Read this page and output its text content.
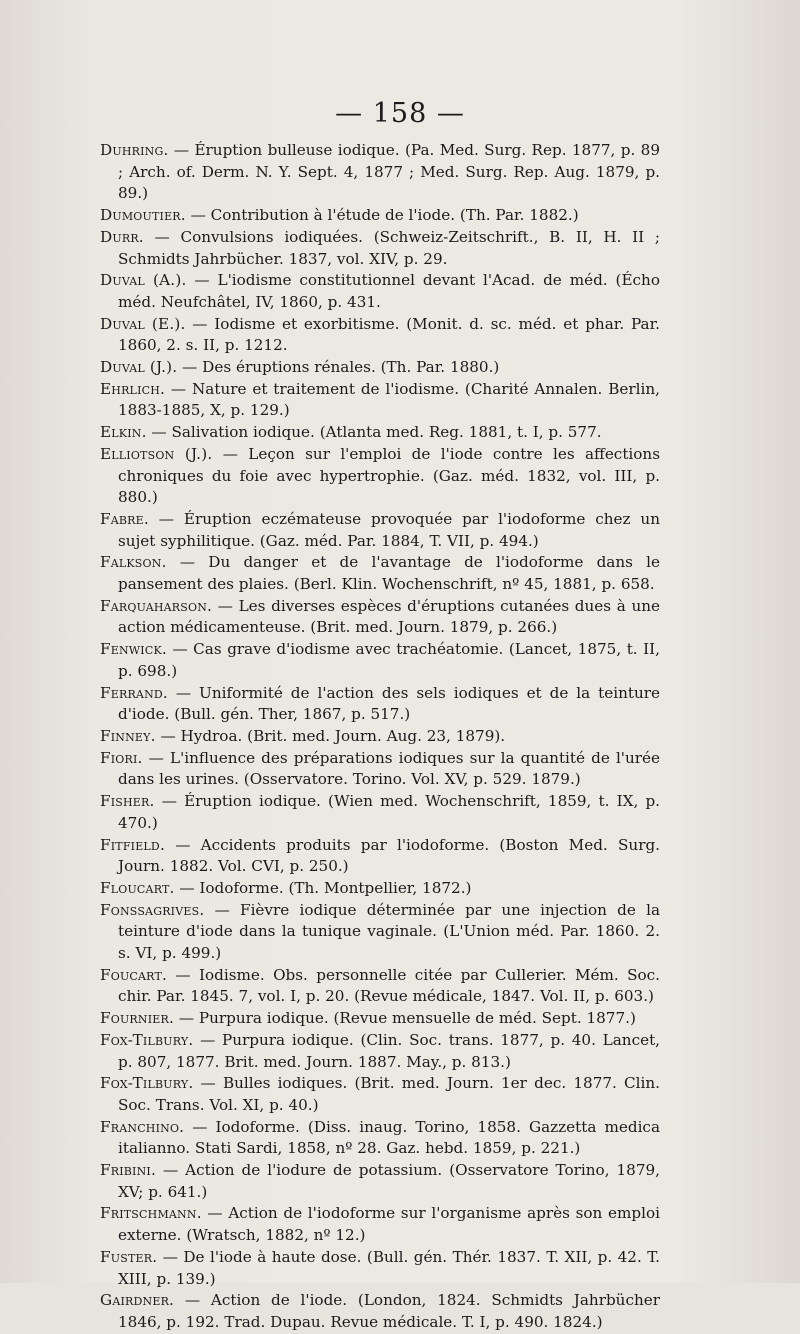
— 158 —
Duhring. — Éruption bulleuse iodique. (Pa. Med. Surg. Rep. 1877, p. 89 ; Arch. of. Derm. N. Y. Sept. 4, 1877 ; Med. Surg. Rep. Aug. 1879, p. 89.)
Dumoutier. — Contribution à l'étude de l'iode. (Th. Par. 1882.)
Durr. — Convulsions iodiquées. (Schweiz-Zeitschrift., B. II, H. II ; Schmidts Jahrbücher. 1837, vol. XIV, p. 29.
Duval (A.). — L'iodisme constitutionnel devant l'Acad. de méd. (Écho méd. Neufchâtel, IV, 1860, p. 431.
Duval (E.). — Iodisme et exorbitisme. (Monit. d. sc. méd. et phar. Par. 1860, 2. s. II, p. 1212.
Duval (J.). — Des éruptions rénales. (Th. Par. 1880.)
Ehrlich. — Nature et traitement de l'iodisme. (Charité Annalen. Berlin, 1883-1885, X, p. 129.)
Elkin. — Salivation iodique. (Atlanta med. Reg. 1881, t. I, p. 577.
Elliotson (J.). — Leçon sur l'emploi de l'iode contre les affections chroniques du foie avec hypertrophie. (Gaz. méd. 1832, vol. III, p. 880.)
Fabre. — Éruption eczémateuse provoquée par l'iodoforme chez un sujet syphilitique. (Gaz. méd. Par. 1884, T. VII, p. 494.)
Falkson. — Du danger et de l'avantage de l'iodoforme dans le pansement des plaies. (Berl. Klin. Wochenschrift, nº 45, 1881, p. 658.
Farquaharson. — Les diverses espèces d'éruptions cutanées dues à une action médicamenteuse. (Brit. med. Journ. 1879, p. 266.)
Fenwick. — Cas grave d'iodisme avec trachéatomie. (Lancet, 1875, t. II, p. 698.)
Ferrand. — Uniformité de l'action des sels iodiques et de la teinture d'iode. (Bull. gén. Ther, 1867, p. 517.)
Finney. — Hydroa. (Brit. med. Journ. Aug. 23, 1879).
Fiori. — L'influence des préparations iodiques sur la quantité de l'urée dans les urines. (Osservatore. Torino. Vol. XV, p. 529. 1879.)
Fisher. — Éruption iodique. (Wien med. Wochenschrift, 1859, t. IX, p. 470.)
Fitfield. — Accidents produits par l'iodoforme. (Boston Med. Surg. Journ. 1882. Vol. CVI, p. 250.)
Floucart. — Iodoforme. (Th. Montpellier, 1872.)
Fonssagrives. — Fièvre iodique déterminée par une injection de la teinture d'iode dans la tunique vaginale. (L'Union méd. Par. 1860. 2. s. VI, p. 499.)
Foucart. — Iodisme. Obs. personnelle citée par Cullerier. Mém. Soc. chir. Par. 1845. 7, vol. I, p. 20. (Revue médicale, 1847. Vol. II, p. 603.)
Fournier. — Purpura iodique. (Revue mensuelle de méd. Sept. 1877.)
Fox-Tilbury. — Purpura iodique. (Clin. Soc. trans. 1877, p. 40. Lancet, p. 807, 1877. Brit. med. Journ. 1887. May., p. 813.)
Fox-Tilbury. — Bulles iodiques. (Brit. med. Journ. 1er dec. 1877. Clin. Soc. Trans. Vol. XI, p. 40.)
Franchino. — Iodoforme. (Diss. inaug. Torino, 1858. Gazzetta medica italianno. Stati Sardi, 1858, nº 28. Gaz. hebd. 1859, p. 221.)
Fribini. — Action de l'iodure de potassium. (Osservatore Torino, 1879, XV; p. 641.)
Fritschmann. — Action de l'iodoforme sur l'organisme après son emploi externe. (Wratsch, 1882, nº 12.)
Fuster. — De l'iode à haute dose. (Bull. gén. Thér. 1837. T. XII, p. 42. T. XIII, p. 139.)
Gairdner. — Action de l'iode. (London, 1824. Schmidts Jahrbücher 1846, p. 192. Trad. Dupau. Revue médicale. T. I, p. 490. 1824.)
